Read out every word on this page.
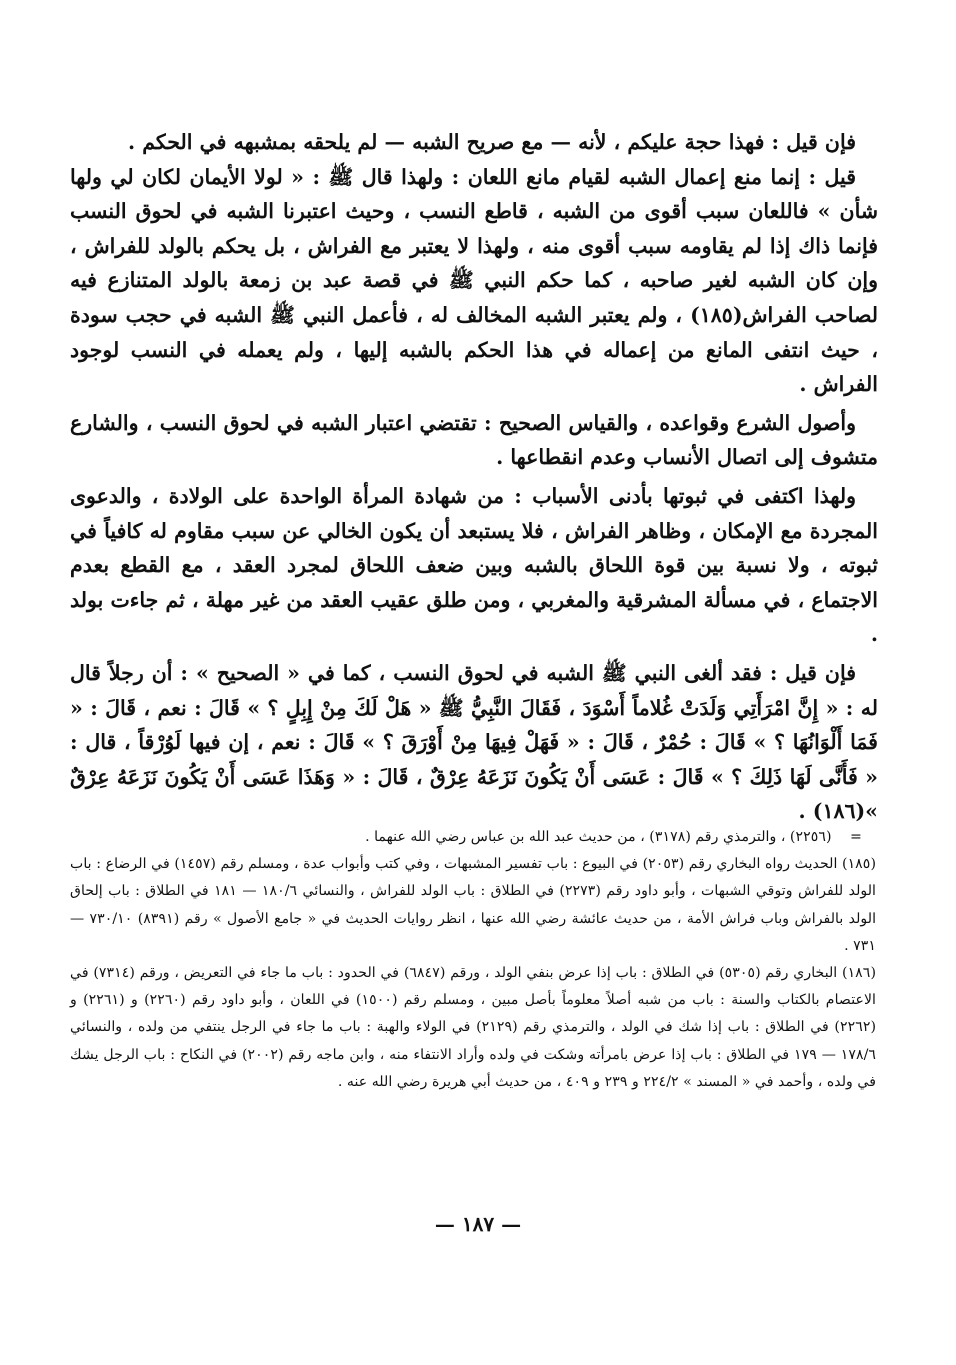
فإن قيل : فهذا حجة عليكم ، لأنه — مع صريح الشبه — لم يلحقه بمشبهه في الحكم .

قيل : إنما منع إعمال الشبه لقيام مانع اللعان : ولهذا قال ﷺ : « لولا الأيمان لكان لي ولها شأن » فاللعان سبب أقوى من الشبه ، قاطع النسب ، وحيث اعتبرنا الشبه في لحوق النسب فإنما ذاك إذا لم يقاومه سبب أقوى منه ، ولهذا لا يعتبر مع الفراش ، بل يحكم بالولد للفراش ، وإن كان الشبه لغير صاحبه ، كما حكم النبي ﷺ في قصة عبد بن زمعة بالولد المتنازع فيه لصاحب الفراش(١٨٥) ، ولم يعتبر الشبه المخالف له ، فأعمل النبي ﷺ الشبه في حجب سودة ، حيث انتفى المانع من إعماله في هذا الحكم بالشبه إليها ، ولم يعمله في النسب لوجود الفراش .

وأصول الشرع وقواعده ، والقياس الصحيح : تقتضي اعتبار الشبه في لحوق النسب ، والشارع متشوف إلى اتصال الأنساب وعدم انقطاعها .

ولهذا اكتفى في ثبوتها بأدنى الأسباب : من شهادة المرأة الواحدة على الولادة ، والدعوى المجردة مع الإمكان ، وظاهر الفراش ، فلا يستبعد أن يكون الخالي عن سبب مقاوم له كافياً في ثبوته ، ولا نسبة بين قوة اللحاق بالشبه وبين ضعف اللحاق لمجرد العقد ، مع القطع بعدم الاجتماع ، في مسألة المشرقية والمغربي ، ومن طلق عقيب العقد من غير مهلة ، ثم جاءت بولد .

فإن قيل : فقد ألغى النبي ﷺ الشبه في لحوق النسب ، كما في « الصحيح » : أن رجلاً قال له : « إِنَّ امْرَأَتِي وَلَدَتْ غُلاماً أَسْوَدَ ، فَقَالَ النَّبِيُّ ﷺ « هَلْ لَكَ مِنْ إِبِلٍ ؟ » قَالَ : نعم ، قَالَ : « فَمَا أَلْوَانُهَا ؟ » قَالَ : حُمْرٌ ، قَالَ : « فَهَلْ فِيهَا مِنْ أَوْرَقَ ؟ » قَالَ : نعم ، إن فيها لَوُرْقاً ، قال : « فَأَنَّى لَهَا ذَلِكَ ؟ » قَالَ : عَسَى أَنْ يَكُونَ نَزَعَهُ عِرْقٌ ، قَالَ : « وَهَذَا عَسَى أَنْ يَكُونَ نَزَعَهُ عِرْقٌ »(١٨٦) .

= (٢٢٥٦) ، والترمذي رقم (٣١٧٨) ، من حديث عبد الله بن عباس رضي الله عنهما .

(١٨٥) الحديث رواه البخاري رقم (٢٠٥٣) في البيوع : باب تفسير المشبهات ، وفي كتب وأبواب عدة ، ومسلم رقم (١٤٥٧) في الرضاع : باب الولد للفراش وتوقي الشبهات ، وأبو داود رقم (٢٢٧٣) في الطلاق : باب الولد للفراش ، والنسائي ١٨٠/٦ — ١٨١ في الطلاق : باب إلحاق الولد بالفراش وباب فراش الأمة ، من حديث عائشة رضي الله عنها ، انظر روايات الحديث في « جامع الأصول » رقم (٨٣٩١) ٧٣٠/١٠ — ٧٣١ .

(١٨٦) البخاري رقم (٥٣٠٥) في الطلاق : باب إذا عرض بنفي الولد ، ورقم (٦٨٤٧) في الحدود : باب ما جاء في التعريض ، ورقم (٧٣١٤) في الاعتصام بالكتاب والسنة : باب من شبه أصلاً معلوماً بأصل مبين ، ومسلم رقم (١٥٠٠) في اللعان ، وأبو داود رقم (٢٢٦٠) و (٢٢٦١) و (٢٢٦٢) في الطلاق : باب إذا شك في الولد ، والترمذي رقم (٢١٢٩) في الولاء والهبة : باب ما جاء في الرجل ينتفي من ولده ، والنسائي ١٧٨/٦ — ١٧٩ في الطلاق : باب إذا عرض بامرأته وشكت في ولده وأراد الانتفاء منه ، وابن ماجه رقم (٢٠٠٢) في النكاح : باب الرجل يشك في ولده ، وأحمد في « المسند » ٢٢٤/٢ و ٢٣٩ و ٤٠٩ ، من حديث أبي هريرة رضي الله عنه .

— ١٨٧ —
